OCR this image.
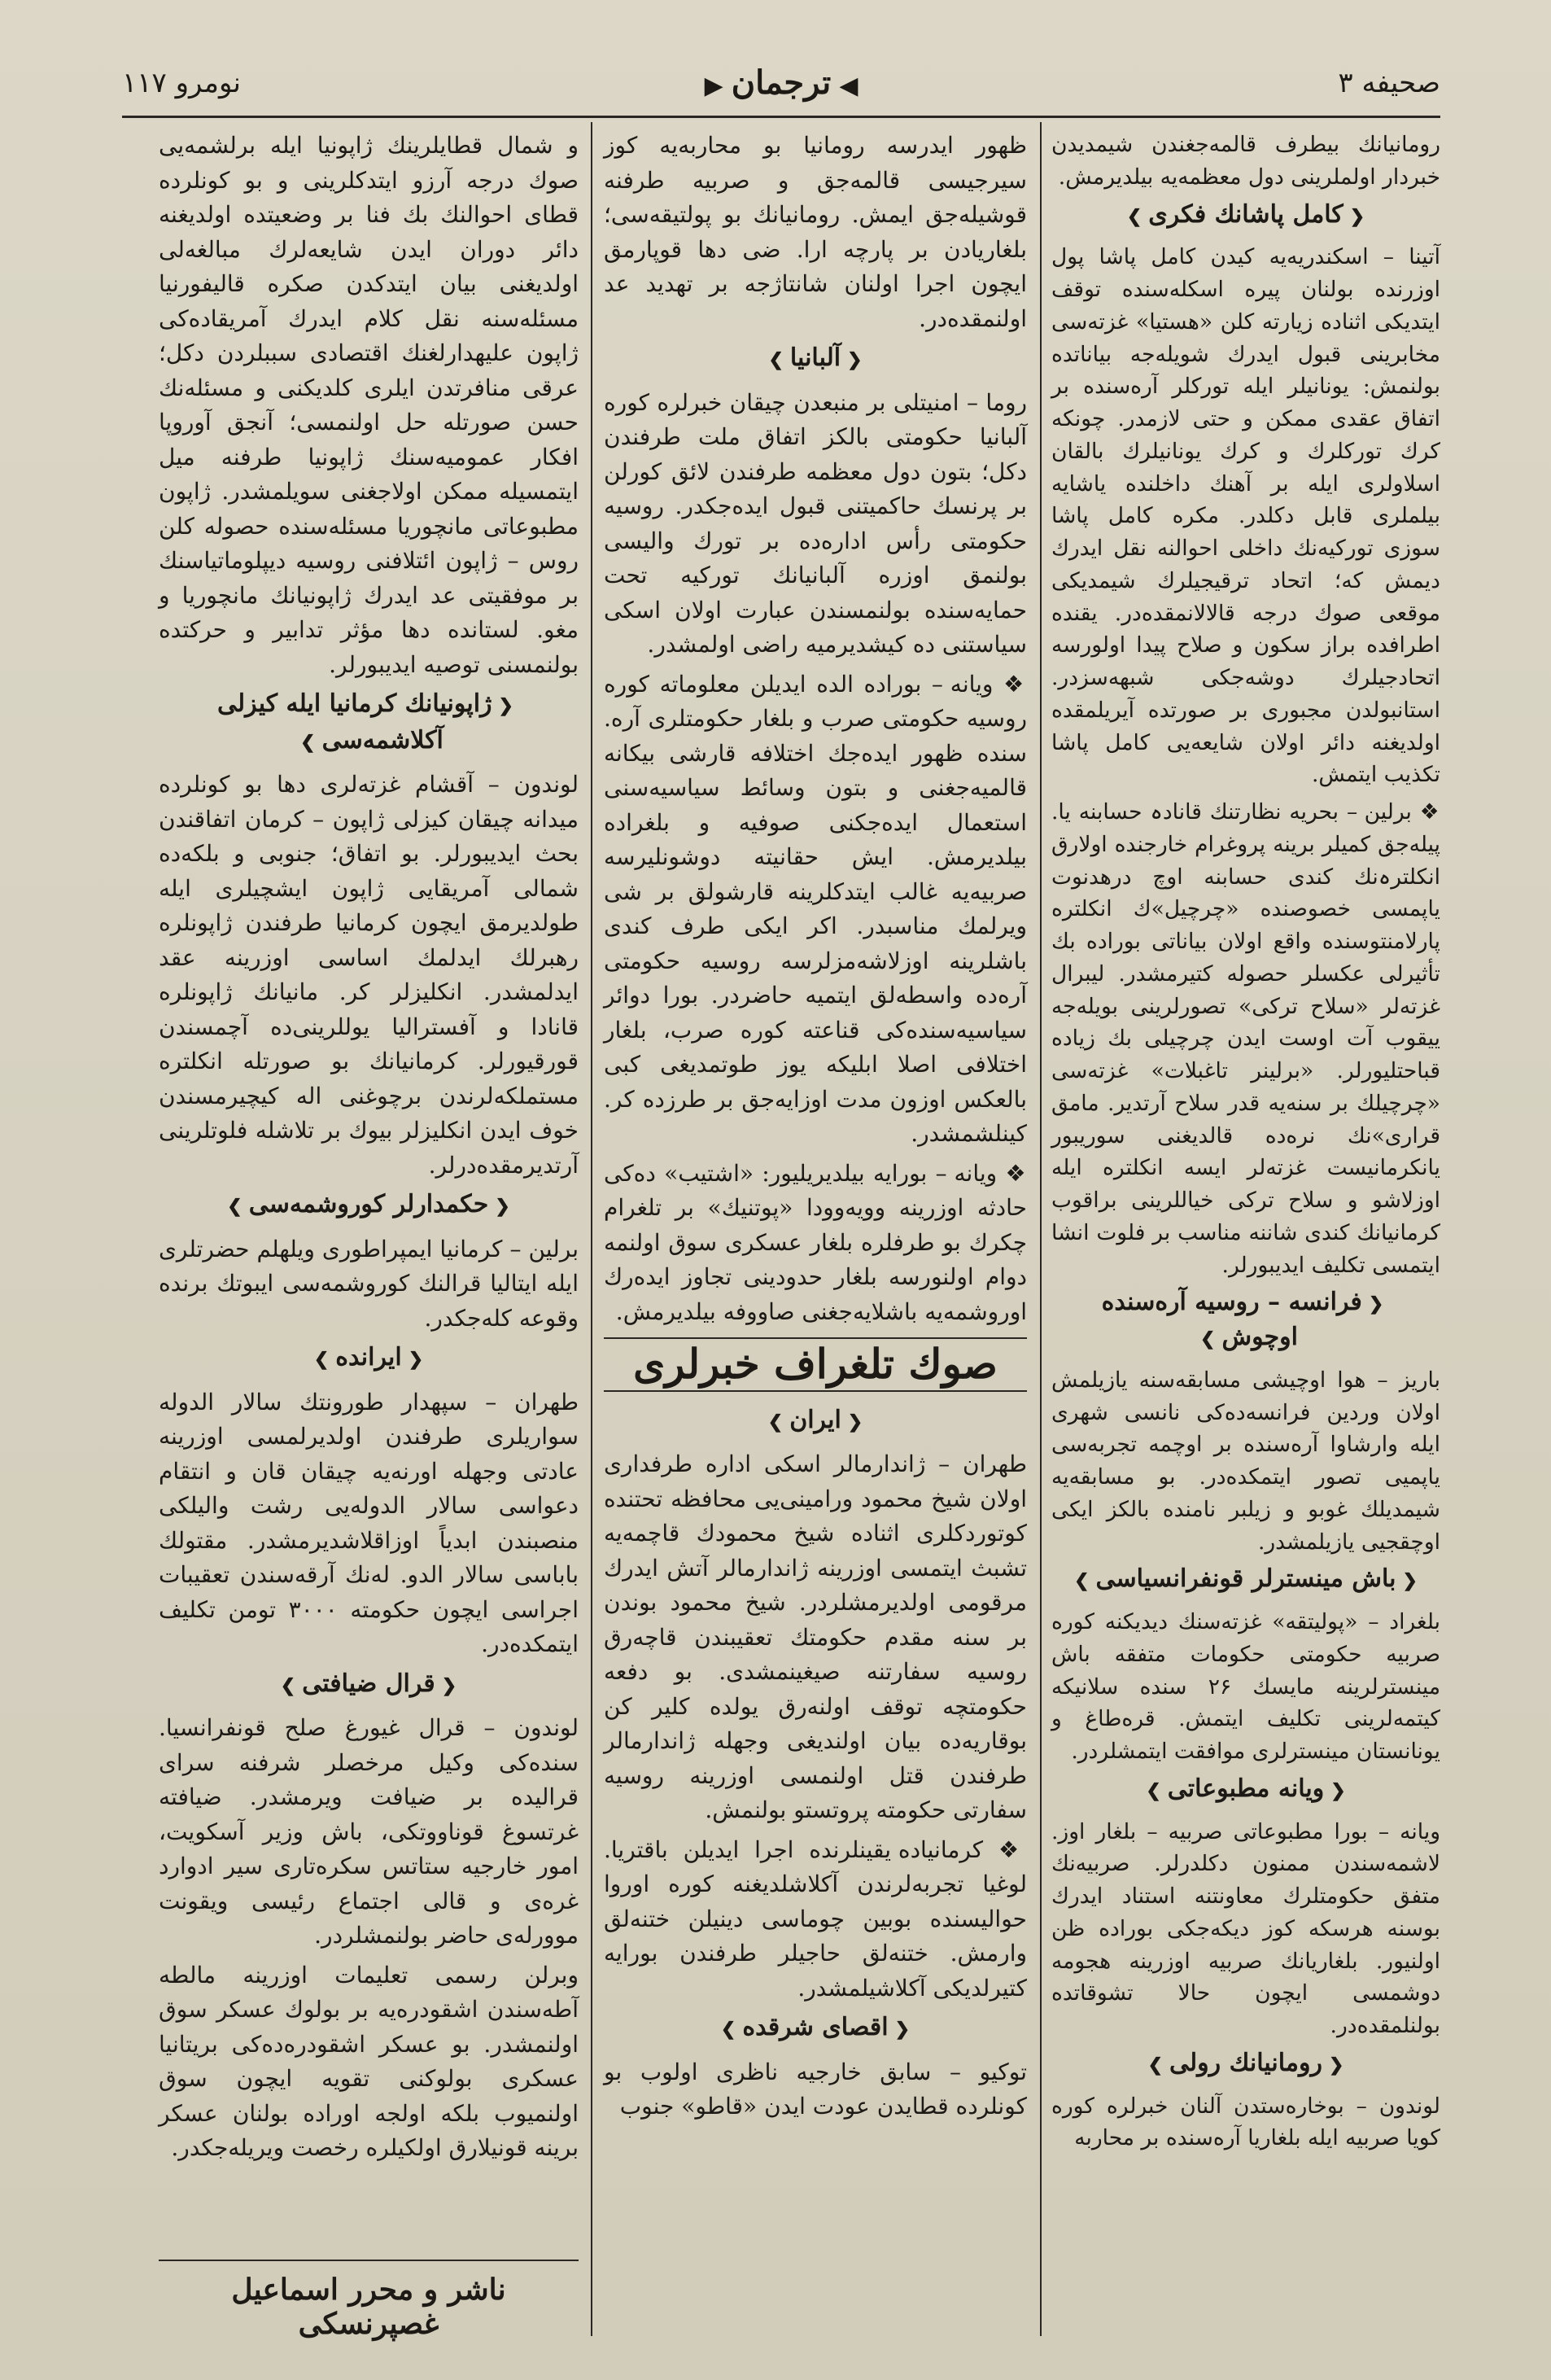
صحیفه ۳
◀ترجمان▶
نومرو ۱۱۷

رومانیانك بیطرف قالمه‌جغندن شیمدیدن خبردار اولملرینی دول معظمه‌یه بیلدیرمش.

❮کامل پاشانك فکری❯

آتینا – اسکندریه‌یه کیدن کامل پاشا پول اوزرنده بولنان پیره اسکله‌سنده توقف ایتدیکی اثناده زیارته کلن «هستیا» غزته‌سی مخابرینی قبول ایدرك شویله‌جه بیاناتده بولنمش: یونانیلر ایله تورکلر آره‌سنده بر اتفاق عقدی ممکن و حتی لازمدر. چونکه کرك تورکلرك و کرك یونانیلرك بالقان اسلاولری ایله بر آهنك داخلنده یاشایه بیلملری قابل دکلدر. مکره کامل پاشا سوزی تورکیه‌نك داخلی احوالنه نقل ایدرك دیمش که؛ اتحاد ترقیجیلرك شیمدیکی موقعی صوك درجه قالالانمقده‌در. یقنده اطرافده براز سکون و صلاح پیدا اولورسه اتحادجیلرك دوشه‌جکی شبهه‌سزدر. استانبولدن مجبوری بر صورتده آیریلمقده اولدیغنه دائر اولان شایعه‌یی کامل پاشا تکذیب ایتمش.

❖ برلین – بحریه نظارتنك قانادہ حسابنه یا. پیله‌جق کمیلر برینه پروغرام خارجنده اولارق انکلترہ‌نك کندی حسابنه اوچ درهدنوت یاپمسی خصوصنده «چرچیل»ك انکلتره پارلامنتوسنده واقع اولان بیاناتی بوراده بك تأثیرلی عکسلر حصوله کتیرمشدر. لیبرال غزته‌لر «سلاح ترکی» تصورلرینی بویله‌جه ییقوب آت اوست ایدن چرچیلی بك زیاده قباحتلیورلر. «برلینر تاغبلات» غزته‌سی «چرچیلك بر سنه‌یه قدر سلاح آرتدیر. مامق قراری»نك نره‌ده قالدیغنی سوریبور یانکرمانیست غزته‌لر ایسه انکلتره ایله اوزلاشو و سلاح ترکی خیاللرینی براقوب کرمانیانك کندی شاننه مناسب بر فلوت انشا ایتمسی تکلیف ایدیبورلر.

❮فرانسه – روسیه آره‌سنده اوچوش❯

باریز – هوا اوچیشی مسابقه‌سنه یازیلمش اولان وردین فرانسه‌ده‌کی نانسی شهری ایله وارشاوا آره‌سنده بر اوچمه تجربه‌سی یاپمیی تصور ایتمکده‌در. بو مسابقه‌یه شیمدیلك غوبو و زیلبر نامنده بالکز ایکی اوچقجیی یازیلمشدر.

❮باش مینسترلر قونفرانسیاسی❯

بلغراد – «پولیتقه» غزته‌سنك دیدیکنه کوره صربیه حکومتی حکومات متفقه باش مینسترلرینه مایسك ۲۶ سنده سلانیکه کیتمه‌لرینی تکلیف ایتمش. قره‌طاغ و یونانستان مینسترلری موافقت ایتمشلردر.

❮ویانه مطبوعاتی❯

ویانه – بورا مطبوعاتی صربیه – بلغار اوز. لاشمه‌سندن ممنون دکلدرلر. صربیه‌نك متفق حکومتلرك معاونتنه استناد ایدرك بوسنه هرسکه کوز دیکه‌جکی بوراده ظن اولنیور. بلغاریانك صربیه اوزرینه هجومه دوشمسی ایچون حالا تشوقاتده بولنلمقده‌در.

❮رومانیانك رولی❯

لوندون – بوخاره‌ستدن آلنان خبرلره کوره کویا صربیه ایله بلغاریا آره‌سنده بر محاربه

ظهور ایدرسه رومانیا بو محاربه‌یه کوز سیرجیسی قالمه‌جق و صربیه طرفنه قوشیله‌جق ایمش. رومانیانك بو پولتیقه‌سی؛ بلغاریادن بر پارچه ارا. ضی دها قوپارمق ایچون اجرا اولنان شانتاژجه بر تهدید عد اولنمقده‌در.

❮آلبانیا❯

روما – امنیتلی بر منبعدن چیقان خبرلره کوره آلبانیا حکومتی بالکز اتفاق ملت طرفندن دکل؛ بتون دول معظمه طرفندن لائق کورلن بر پرنسك حاکمیتنی قبول ایده‌جکدر. روسیه حکومتی رأس اداره‌ده بر تورك والیسی بولنمق اوزره آلبانیانك تورکیه تحت حمایه‌سنده بولنمسندن عبارت اولان اسکی سیاستنی ده کیشدیرمیه راضی اولمشدر.

❖ ویانه – بوراده الده ایدیلن معلوماته کوره روسیه حکومتی صرب و بلغار حکومتلری آره. سنده ظهور ایده‌جك اختلافه قارشی بیکانه قالمیه‌جغنی و بتون وسائط سیاسیه‌سنی استعمال ایده‌جکنی صوفیه و بلغراده بیلدیرمش. ایش حقانیته دوشونلیرسه صربیه‌یه غالب ایتدکلرینه قارشولق بر شی ویرلمك مناسبدر. اکر ایکی طرف کندی باشلرینه اوزلاشه‌مزلرسه روسیه حکومتی آره‌ده واسطه‌لق ایتمیه حاضردر. بورا دوائر سیاسیه‌سنده‌کی قناعته کوره صرب، بلغار اختلافی اصلا ابلیکه یوز طوتمدیغی کبی بالعکس اوزون مدت اوزایه‌جق بر طرزده کر. کینلشمشدر.

❖ ویانه – بورایه بیلدیریلیور: «اشتیب» ده‌کی حادثه اوزرینه وویه‌وودا «پوتنیك» بر تلغرام چکرك بو طرفلره بلغار عسکری سوق اولنمه دوام اولنورسه بلغار حدودینی تجاوز ایده‌رك اوروشمه‌یه باشلایه‌جغنی صاووفه بیلدیرمش.

صوك تلغراف خبرلری
❮ایران❯

طهران – ژاندارمالر اسکی اداره طرفداری اولان شیخ محمود ورامینی‌یی محافظه تحتنده کوتوردکلری اثناده شیخ محمودك قاچمه‌یه تشبث ایتمسی اوزرینه ژاندارمالر آتش ایدرك مرقومی اولدیرمشلردر. شیخ محمود بوندن بر سنه مقدم حکومتك تعقیبندن قاچه‌رق روسیه سفارتنه صیغینمشدی. بو دفعه حکومتچه توقف اولنه‌رق یولده کلیر کن بوقاریه‌ده بیان اولندیغی وجهله ژاندارمالر طرفندن قتل اولنمسی اوزرینه روسیه سفارتی حکومته پروتستو بولنمش.

❖ کرمانیاده یقینلرنده اجرا ایدیلن باقتریا. لوغیا تجربه‌لرندن آکلاشلدیغنه کوره اوروا حوالیسنده بوبین چوماسی دینیلن ختنه‌لق وارمش. ختنه‌لق حاجیلر طرفندن بورایه کتیرلدیکی آکلاشیلمشدر.

❮اقصای شرقده❯

توکیو – سابق خارجیه ناظری اولوب بو کونلرده قطایدن عودت ایدن «قاطو» جنوب

و شمال قطایلرینك ژاپونیا ایله برلشمه‌یی صوك درجه آرزو ایتدکلرینی و بو کونلرده قطای احوالنك بك فنا بر وضعیتده اولدیغنه دائر دوران ایدن شایعه‌لرك مبالغه‌لی اولدیغنی بیان ایتدکدن صکره قالیفورنیا مسئله‌سنه نقل کلام ایدرك آمریقاده‌کی ژاپون علیهدارلغنك اقتصادی سببلردن دکل؛ عرقی منافرتدن ایلری کلدیکنی و مسئله‌نك حسن صورتله حل اولنمسی؛ آنجق آوروپا افکار عمومیه‌سنك ژاپونیا طرفنه میل ایتمسیله ممکن اولاجغنی سویلمشدر. ژاپون مطبوعاتی مانچوریا مسئله‌سنده حصوله کلن روس – ژاپون ائتلافنی روسیه دیپلوماتیاسنك بر موفقیتی عد ایدرك ژاپونیانك مانچوریا و مغو. لستانده دها مؤثر تدابیر و حرکتده بولنمسنی توصیه ایدیبورلر.

❮ژاپونیانك کرمانیا ایله کیزلی آکلاشمه‌سی❯

لوندون – آقشام غزته‌لری دها بو کونلرده میدانه چیقان کیزلی ژاپون – کرمان اتفاقندن بحث ایدیبورلر. بو اتفاق؛ جنوبی و بلکه‌ده شمالی آمریقایی ژاپون ایشچیلری ایله طولدیرمق ایچون کرمانیا طرفندن ژاپونلره رهبرلك ایدلمك اساسی اوزرینه عقد ایدلمشدر. انکلیزلر کر. مانیانك ژاپونلره قانادا و آفستراليا یوللرینی‌ده آچمسندن قورقیورلر. کرمانیانك بو صورتله انکلتره مستملکه‌لرندن برچوغنی اله کیچیرمسندن خوف ایدن انکلیزلر بیوك بر تلاشله فلوتلرینی آرتدیرمقده‌درلر.

❮حکمدارلر کوروشمه‌سی❯

برلین – کرمانیا ایمپراطوری ویلهلم حضرتلری ایله ایتالیا قرالنك کوروشمه‌سی ایبوتك برنده وقوعه کله‌جکدر.

❮ایرانده❯

طهران – سپهدار طورونتك سالار الدوله سواریلری طرفندن اولدیرلمسی اوزرینه عادتی وجهله اورنه‌یه چیقان قان و انتقام دعواسی سالار الدوله‌یی رشت والیلکی منصبندن ابدیاً اوزاقلاشدیرمشدر. مقتولك باباسی سالار الدو. له‌نك آرقه‌سندن تعقیبات اجراسی ایچون حکومته ۳۰۰۰ تومن تکلیف ایتمکده‌در.

❮قرال ضیافتی❯

لوندون – قرال غیورغ صلح قونفرانسیا. سنده‌کی وکیل مرخصلر شرفنه سرای قرالیده بر ضیافت ویرمشدر. ضیافته غرتسوغ قوناووتکی، باش وزیر آسکویت، امور خارجیه ستاتس سکره‌تاری سیر ادوارد غره‌ی و قالی اجتماع رئیسی ویقونت موورله‌ی حاضر بولنمشلردر.

وبرلن رسمی تعلیمات اوزرینه مالطه آطه‌سندن اشقودره‌یه بر بولوك عسکر سوق اولنمشدر. بو عسکر اشقودره‌ده‌کی بریتانیا عسکری بولوکنی تقویه ایچون سوق اولنمیوب بلکه اولجه اوراده بولنان عسکر برینه قونیلارق اولکیلره رخصت ویریله‌جکدر.

ناشر و محرر اسماعیل غصپرنسکی
